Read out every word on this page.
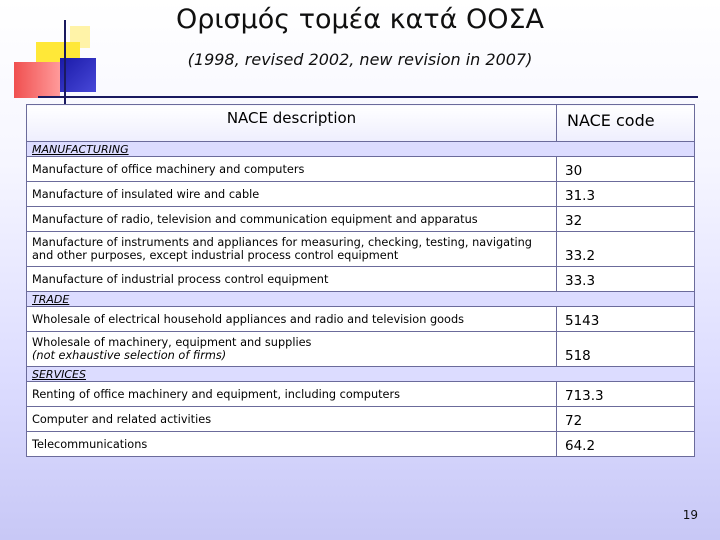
Ορισμός τομέα κατά ΟΟΣΑ
(1998, revised 2002, new revision in 2007)
NACE description	NACE code
MANUFACTURING	
Manufacture of office machinery and computers	30
Manufacture of insulated wire and cable	31.3
Manufacture of radio, television and communication equipment and apparatus	32
Manufacture of instruments and appliances for measuring, checking, testing, navigating and other purposes, except industrial process control equipment	33.2
Manufacture of industrial process control equipment	33.3
TRADE	
Wholesale of electrical household appliances and radio and television goods	5143
Wholesale of machinery, equipment and supplies
(not exhaustive selection of firms)	518
SERVICES	
Renting of office machinery and equipment, including computers	713.3
Computer and related activities	72
Telecommunications	64.2
19
